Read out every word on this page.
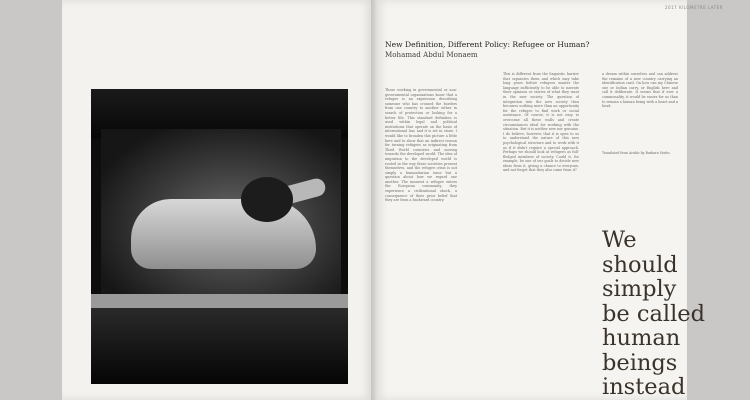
2017 KILOMETRE LATER
New Definition, Different Policy: Refugee or Human?
Mohamad Abdul Monaem
These working in governmental or non-governmental organizations know that a refugee is an expression describing someone who has crossed the borders from one country to another either in search of protection or looking for a better life. This standard definition is used within legal and political institutions that operate on the basis of international law, and it is set in stone. I would like to broaden this picture a little here and to show that an indirect reason for turning refugees as originating from Third World countries and moving towards the developed world. The idea of migration to the developed world is rooted in the way these societies present themselves, and the refugee crisis is not simply a humanitarian issue but a question about how we regard one another. The moment a refugee enters the European community, they experience a civilizational shock, a consequence of their prior belief that they are from a backward country.
This is different from the linguistic barrier that separates them and which may take long years before refugees master the language sufficiently to be able to narrate their opinions or stories of what they want in the new society. The question of integration into the new society then becomes nothing more than an opportunity for the refugee to find work or social assistance. Of course, it is not easy to overcome all these walls and create circumstances ideal for working with the situation. But it is neither new nor genuine. I do believe, however, that it is open to us to understand the nature of this new psychological structure and to work with it as if it didn't require a special approach. Perhaps we should look at refugees as full-fledged members of society. Could it, for example, be one of our goals to decide new ideas from it, giving a chance to everyone, and not forget that they also came from it?
a dream within ourselves and can address the remains of a new country carrying an identification card. On how can my Chinese one or Indian carry, or English here and call it deliberate. It seems that if ever a commonality, it would be easier for us than to remain a human being with a heart and a head.
Translated from Arabic by Barbara Stattu.
We
should
simply
be called
human
beings
instead
